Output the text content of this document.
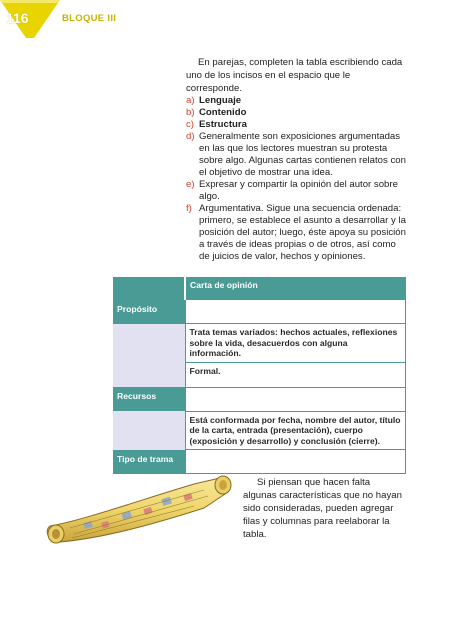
116	BLOQUE III

En parejas, completen la tabla escribiendo cada uno de los incisos en el espacio que le corresponde.

a) Lenguaje
b) Contenido
c) Estructura
d) Generalmente son exposiciones argumentadas en las que los lectores muestran su protesta sobre algo. Algunas cartas contienen relatos con el objetivo de mostrar una idea.
e) Expresar y compartir la opinión del autor sobre algo.
f) Argumentativa. Sigue una secuencia ordenada: primero, se establece el asunto a desarrollar y la posición del autor; luego, éste apoya su posición a través de ideas propias o de otros, así como de juicios de valor, hechos y opiniones.
	Carta de opinión
Propósito	
	Trata temas variados: hechos actuales, reflexiones sobre la vida, desacuerdos con alguna información.
	Formal.
Recursos	
	Está conformada por fecha, nombre del autor, título de la carta, entrada (presentación), cuerpo (exposición y desarrollo) y conclusión (cierre).
Tipo de trama	

Si piensan que hacen falta algunas características que no hayan sido consideradas, pueden agregar filas y columnas para reelaborar la tabla.
